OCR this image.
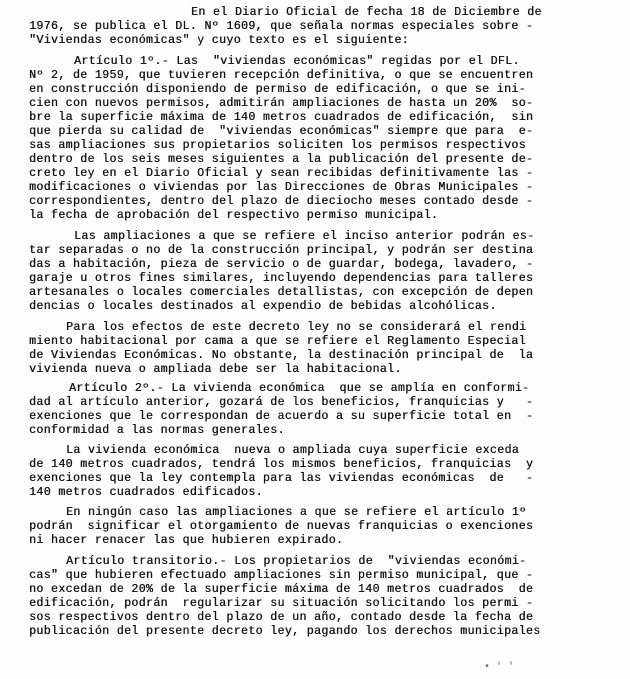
En el Diario Oficial de fecha 18 de Diciembre de
1976, se publica el DL. Nº 1609, que señala normas especiales sobre -
"Viviendas económicas" y cuyo texto es el siguiente:
Artículo 1º.- Las  "viviendas económicas" regidas por el DFL.
Nº 2, de 1959, que tuvieren recepción definitiva, o que se encuentren
en construcción disponiendo de permiso de edificación, o que se ini-
cien con nuevos permisos, admitirán ampliaciones de hasta un 20%  so-
bre la superficie máxima de 140 metros cuadrados de edificación,  sin
que pierda su calidad de  "viviendas económicas" siempre que para  e-
sas ampliaciones sus propietarios soliciten los permisos respectivos
dentro de los seis meses siguientes a la publicación del presente de-
creto ley en el Diario Oficial y sean recibidas definitivamente las -
modificaciones o viviendas por las Direcciones de Obras Municipales -
correspondientes, dentro del plazo de dieciocho meses contado desde -
la fecha de aprobación del respectivo permiso municipal.
Las ampliaciones a que se refiere el inciso anterior podrán es-
tar separadas o no de la construcción principal, y podrán ser destina
das a habitación, pieza de servicio o de guardar, bodega, lavadero, -
garaje u otros fines similares, incluyendo dependencias para talleres
artesanales o locales comerciales detallistas, con excepción de depen
dencias o locales destinados al expendio de bebidas alcohólicas.
Para los efectos de este decreto ley no se considerará el rendi
miento habitacional por cama a que se refiere el Reglamento Especial
de Viviendas Económicas. No obstante, la destinación principal de  la
vivienda nueva o ampliada debe ser la habitacional.
Artículo 2º.- La vivienda económica  que se amplía en conformi-
dad al artículo anterior, gozará de los beneficios, franquicias y   -
exenciones que le correspondan de acuerdo a su superficie total en  -
conformidad a las normas generales.
La vivienda económica  nueva o ampliada cuya superficie exceda
de 140 metros cuadrados, tendrá los mismos beneficios, franquicias  y
exenciones que la ley contempla para las viviendas económicas  de   -
140 metros cuadrados edificados.
En ningún caso las ampliaciones a que se refiere el artículo 1º
podrán  significar el otorgamiento de nuevas franquicias o exenciones
ni hacer renacer las que hubieren expirado.
Artículo transitorio.- Los propietarios de  "viviendas económi-
cas" que hubieren efectuado ampliaciones sin permiso municipal, que -
no excedan de 20% de la superficie máxima de 140 metros cuadrados  de
edificación, podrán  regularizar su situación solicitando los permi -
sos respectivos dentro del plazo de un año, contado desde la fecha de
publicación del presente decreto ley, pagando los derechos municipales
• ' '
